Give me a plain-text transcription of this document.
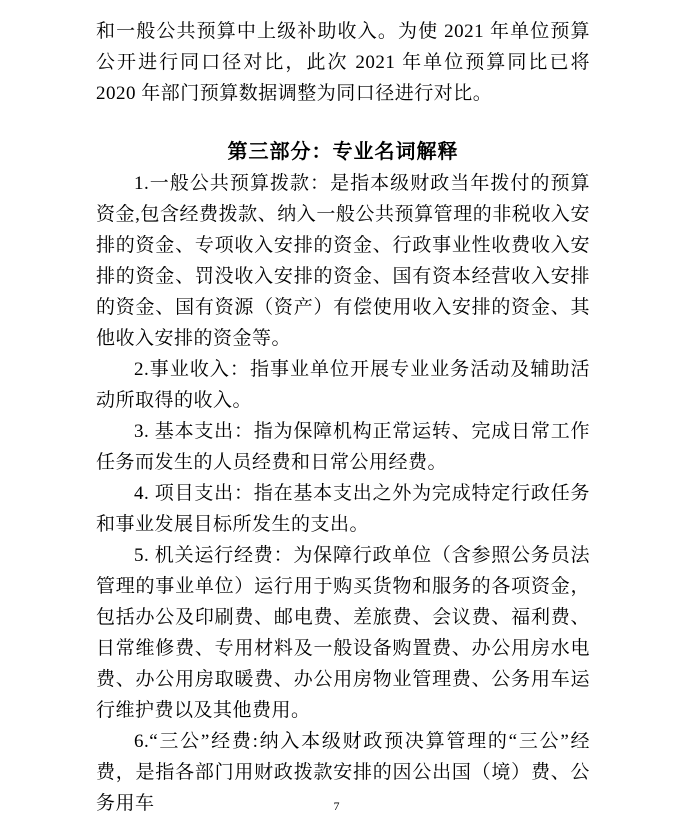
和一般公共预算中上级补助收入。为使 2021 年单位预算公开进行同口径对比，此次 2021 年单位预算同比已将 2020 年部门预算数据调整为同口径进行对比。

第三部分：专业名词解释

1.一般公共预算拨款：是指本级财政当年拨付的预算资金,包含经费拨款、纳入一般公共预算管理的非税收入安排的资金、专项收入安排的资金、行政事业性收费收入安排的资金、罚没收入安排的资金、国有资本经营收入安排的资金、国有资源（资产）有偿使用收入安排的资金、其他收入安排的资金等。

2.事业收入：指事业单位开展专业业务活动及辅助活动所取得的收入。

3. 基本支出：指为保障机构正常运转、完成日常工作任务而发生的人员经费和日常公用经费。

4. 项目支出：指在基本支出之外为完成特定行政任务和事业发展目标所发生的支出。

5. 机关运行经费：为保障行政单位（含参照公务员法管理的事业单位）运行用于购买货物和服务的各项资金，包括办公及印刷费、邮电费、差旅费、会议费、福利费、日常维修费、专用材料及一般设备购置费、办公用房水电费、办公用房取暖费、办公用房物业管理费、公务用车运行维护费以及其他费用。

6.“三公”经费:纳入本级财政预决算管理的“三公”经费，是指各部门用财政拨款安排的因公出国（境）费、公务用车	7
